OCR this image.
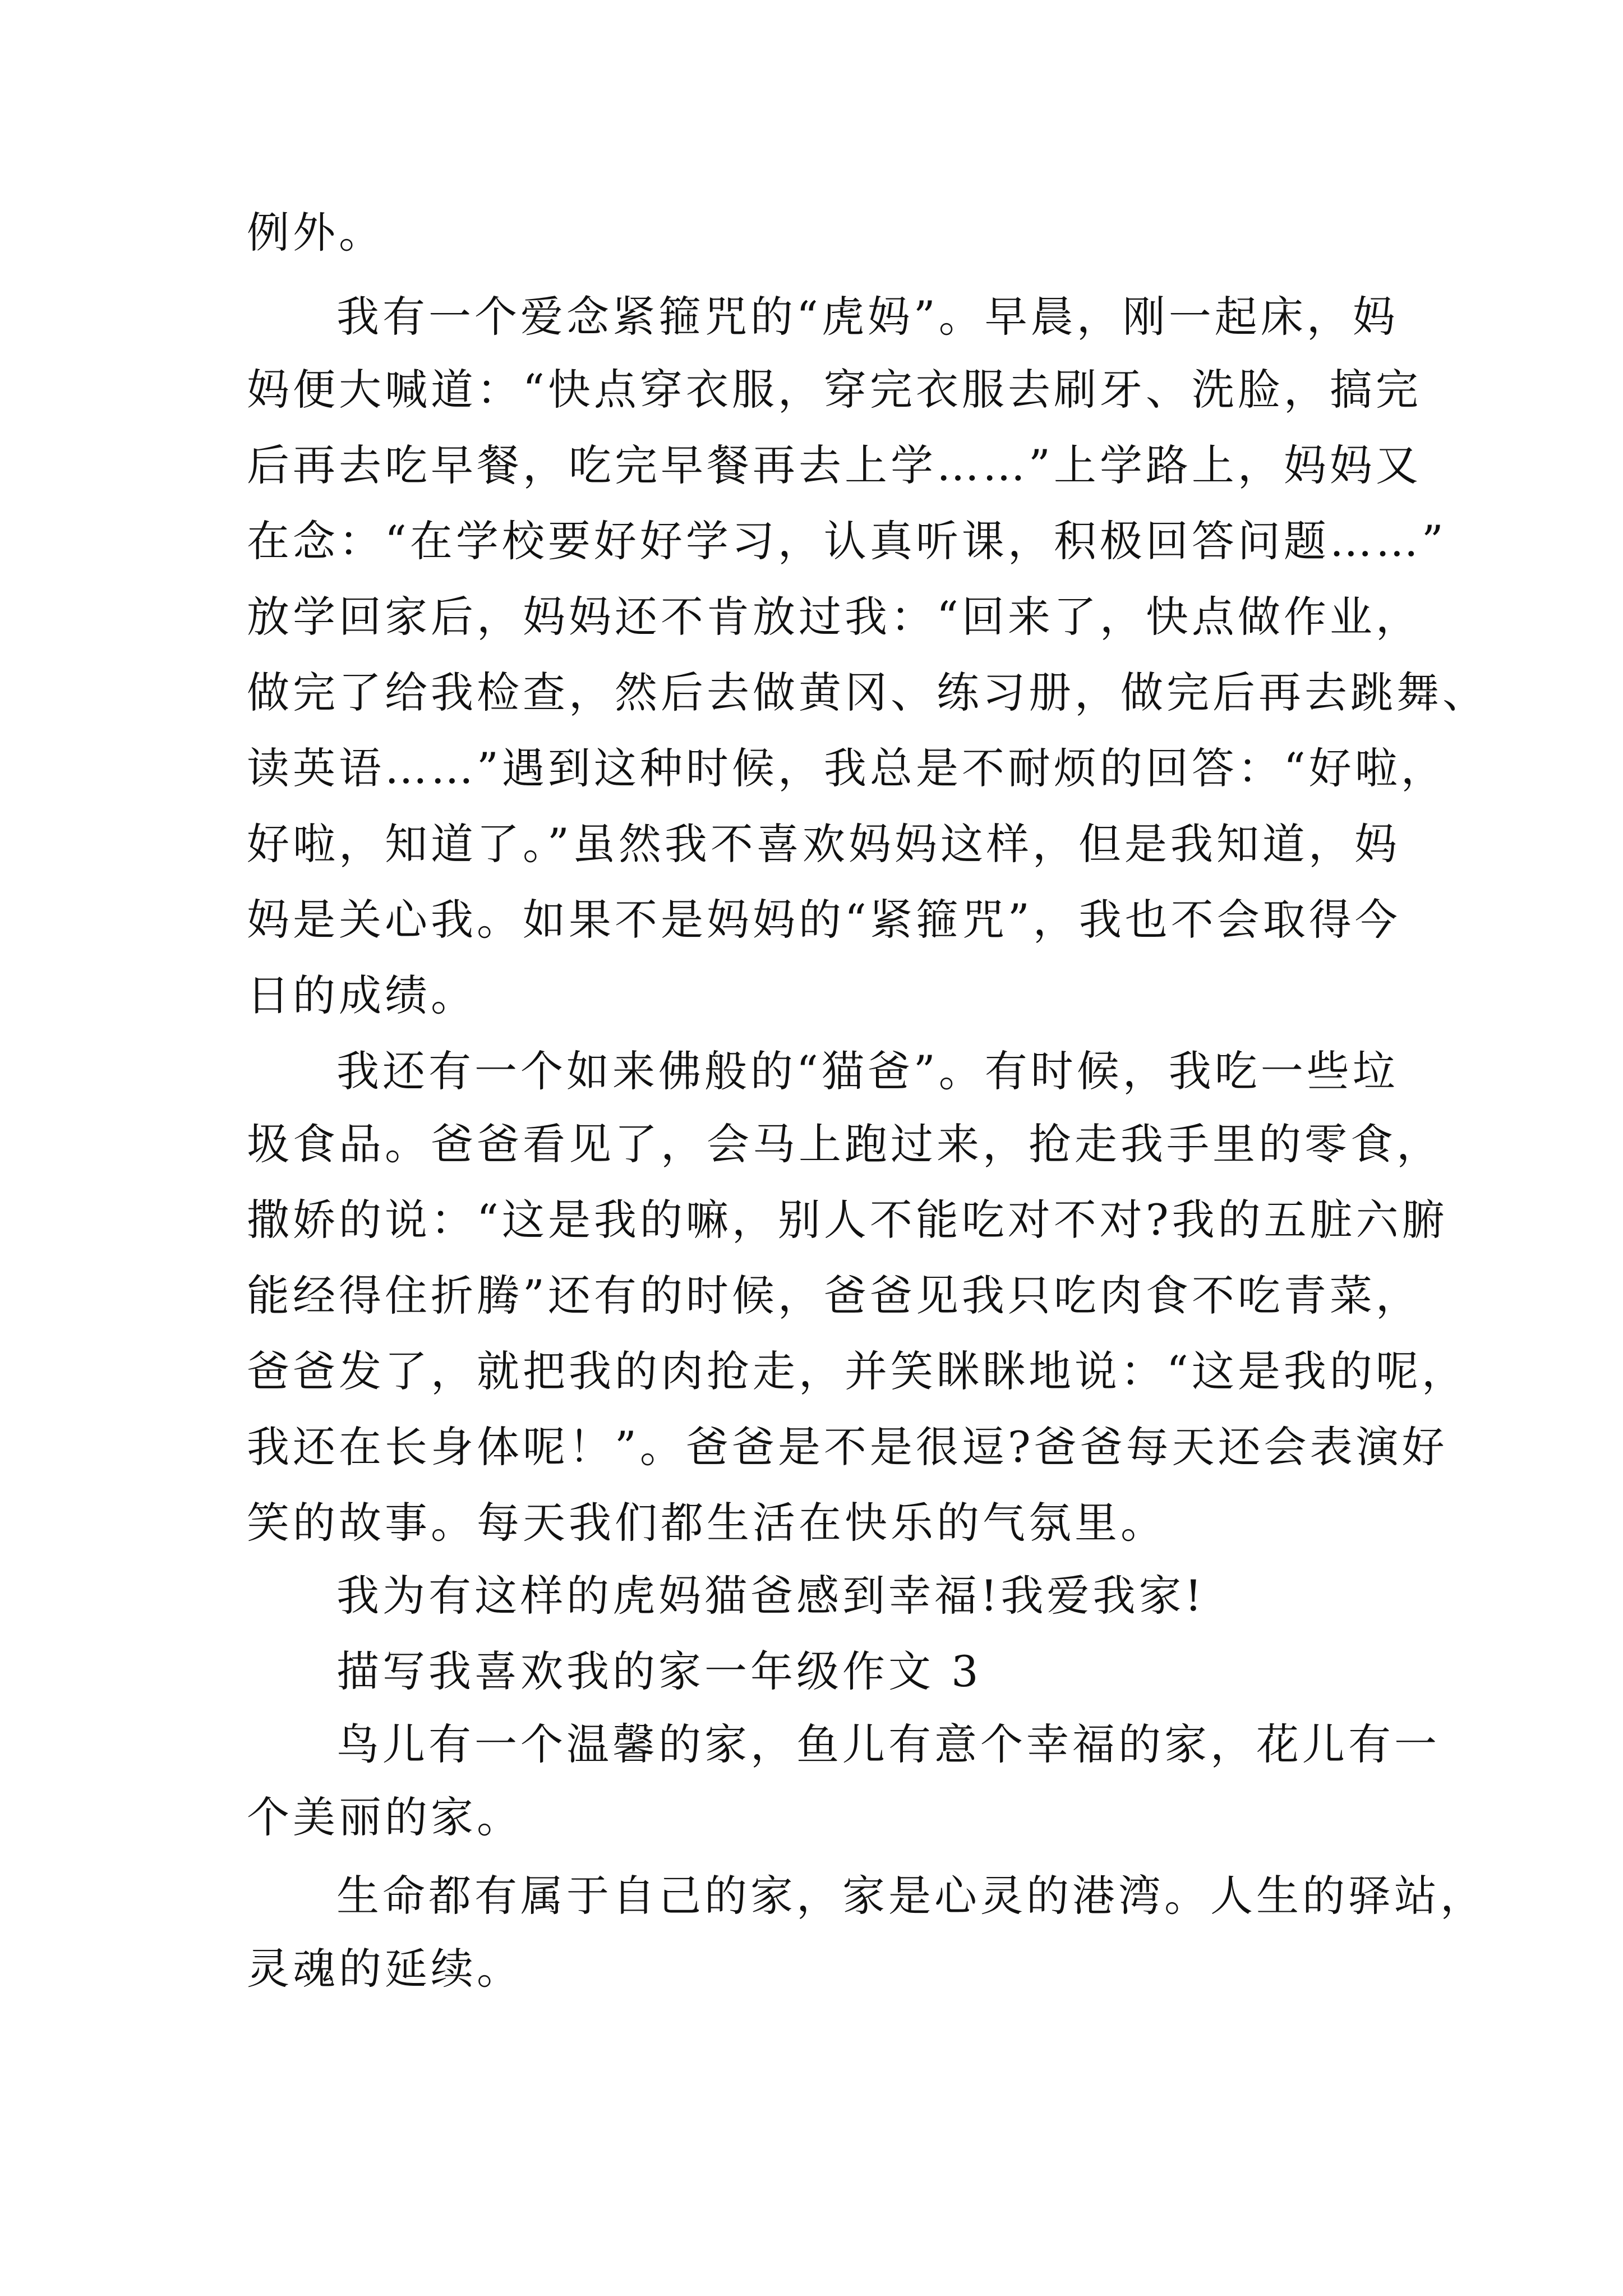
例外。

我有一个爱念紧箍咒的“虎妈”。早晨，刚一起床，妈

妈便大喊道：“快点穿衣服，穿完衣服去刷牙、洗脸，搞完

后再去吃早餐，吃完早餐再去上学……”上学路上，妈妈又

在念：“在学校要好好学习，认真听课，积极回答问题……”

放学回家后，妈妈还不肯放过我：“回来了，快点做作业，

做完了给我检查，然后去做黄冈、练习册，做完后再去跳舞、

读英语……”遇到这种时候，我总是不耐烦的回答：“好啦，

好啦，知道了。”虽然我不喜欢妈妈这样，但是我知道，妈

妈是关心我。如果不是妈妈的“紧箍咒”，我也不会取得今

日的成绩。

我还有一个如来佛般的“猫爸”。有时候，我吃一些垃

圾食品。爸爸看见了，会马上跑过来，抢走我手里的零食，

撒娇的说：“这是我的嘛，别人不能吃对不对?我的五脏六腑

能经得住折腾”还有的时候，爸爸见我只吃肉食不吃青菜，

爸爸发了，就把我的肉抢走，并笑眯眯地说：“这是我的呢，

我还在长身体呢！”。爸爸是不是很逗?爸爸每天还会表演好

笑的故事。每天我们都生活在快乐的气氛里。

我为有这样的虎妈猫爸感到幸福!我爱我家!

描写我喜欢我的家一年级作文 3

鸟儿有一个温馨的家，鱼儿有意个幸福的家，花儿有一

个美丽的家。

生命都有属于自己的家，家是心灵的港湾。人生的驿站，

灵魂的延续。
